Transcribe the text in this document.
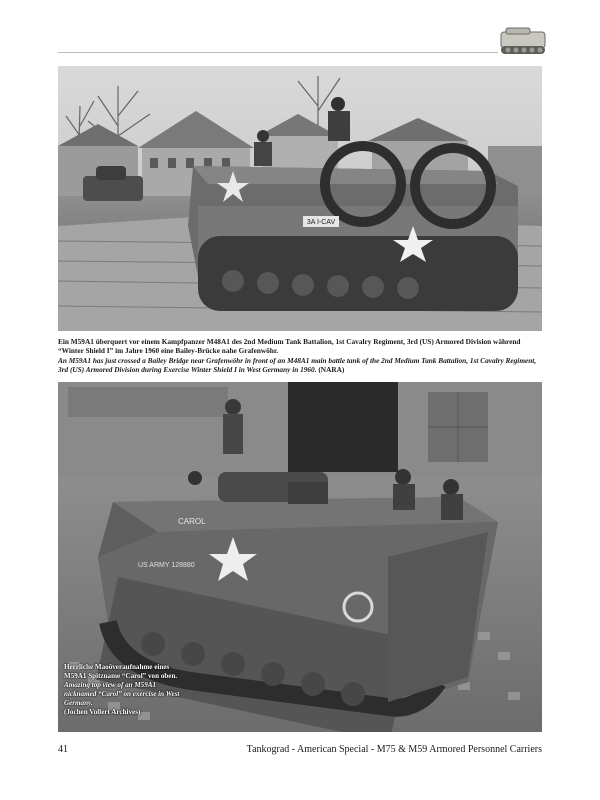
3A I-CAV
Ein M59A1 überquert vor einem Kampfpanzer M48A1 des 2nd Medium Tank Battalion, 1st Cavalry Regiment, 3rd (US) Armored Division während “Winter Shield I” im Jahre 1960 eine Bailey-Brücke nahe Grafenwöhr.
An M59A1 has just crossed a Bailey Bridge near Grafenwöhr in front of an M48A1 main battle tank of the 2nd Medium Tank Battalion, 1st Cavalry Regiment, 3rd (US) Armored Division during Exercise Winter Shield I in West Germany in 1960. (NARA)
US ARMY 128880
CAROL
Herrliche Maoöveraufnahme eines M59A1 Spitzname “Carol” von oben.
Amazing top view of an M59A1 nicknamed “Carol” on exercise in West Germany.
(Jochen Vollert Archives)
41	Tankograd - American Special - M75 & M59 Armored Personnel Carriers
